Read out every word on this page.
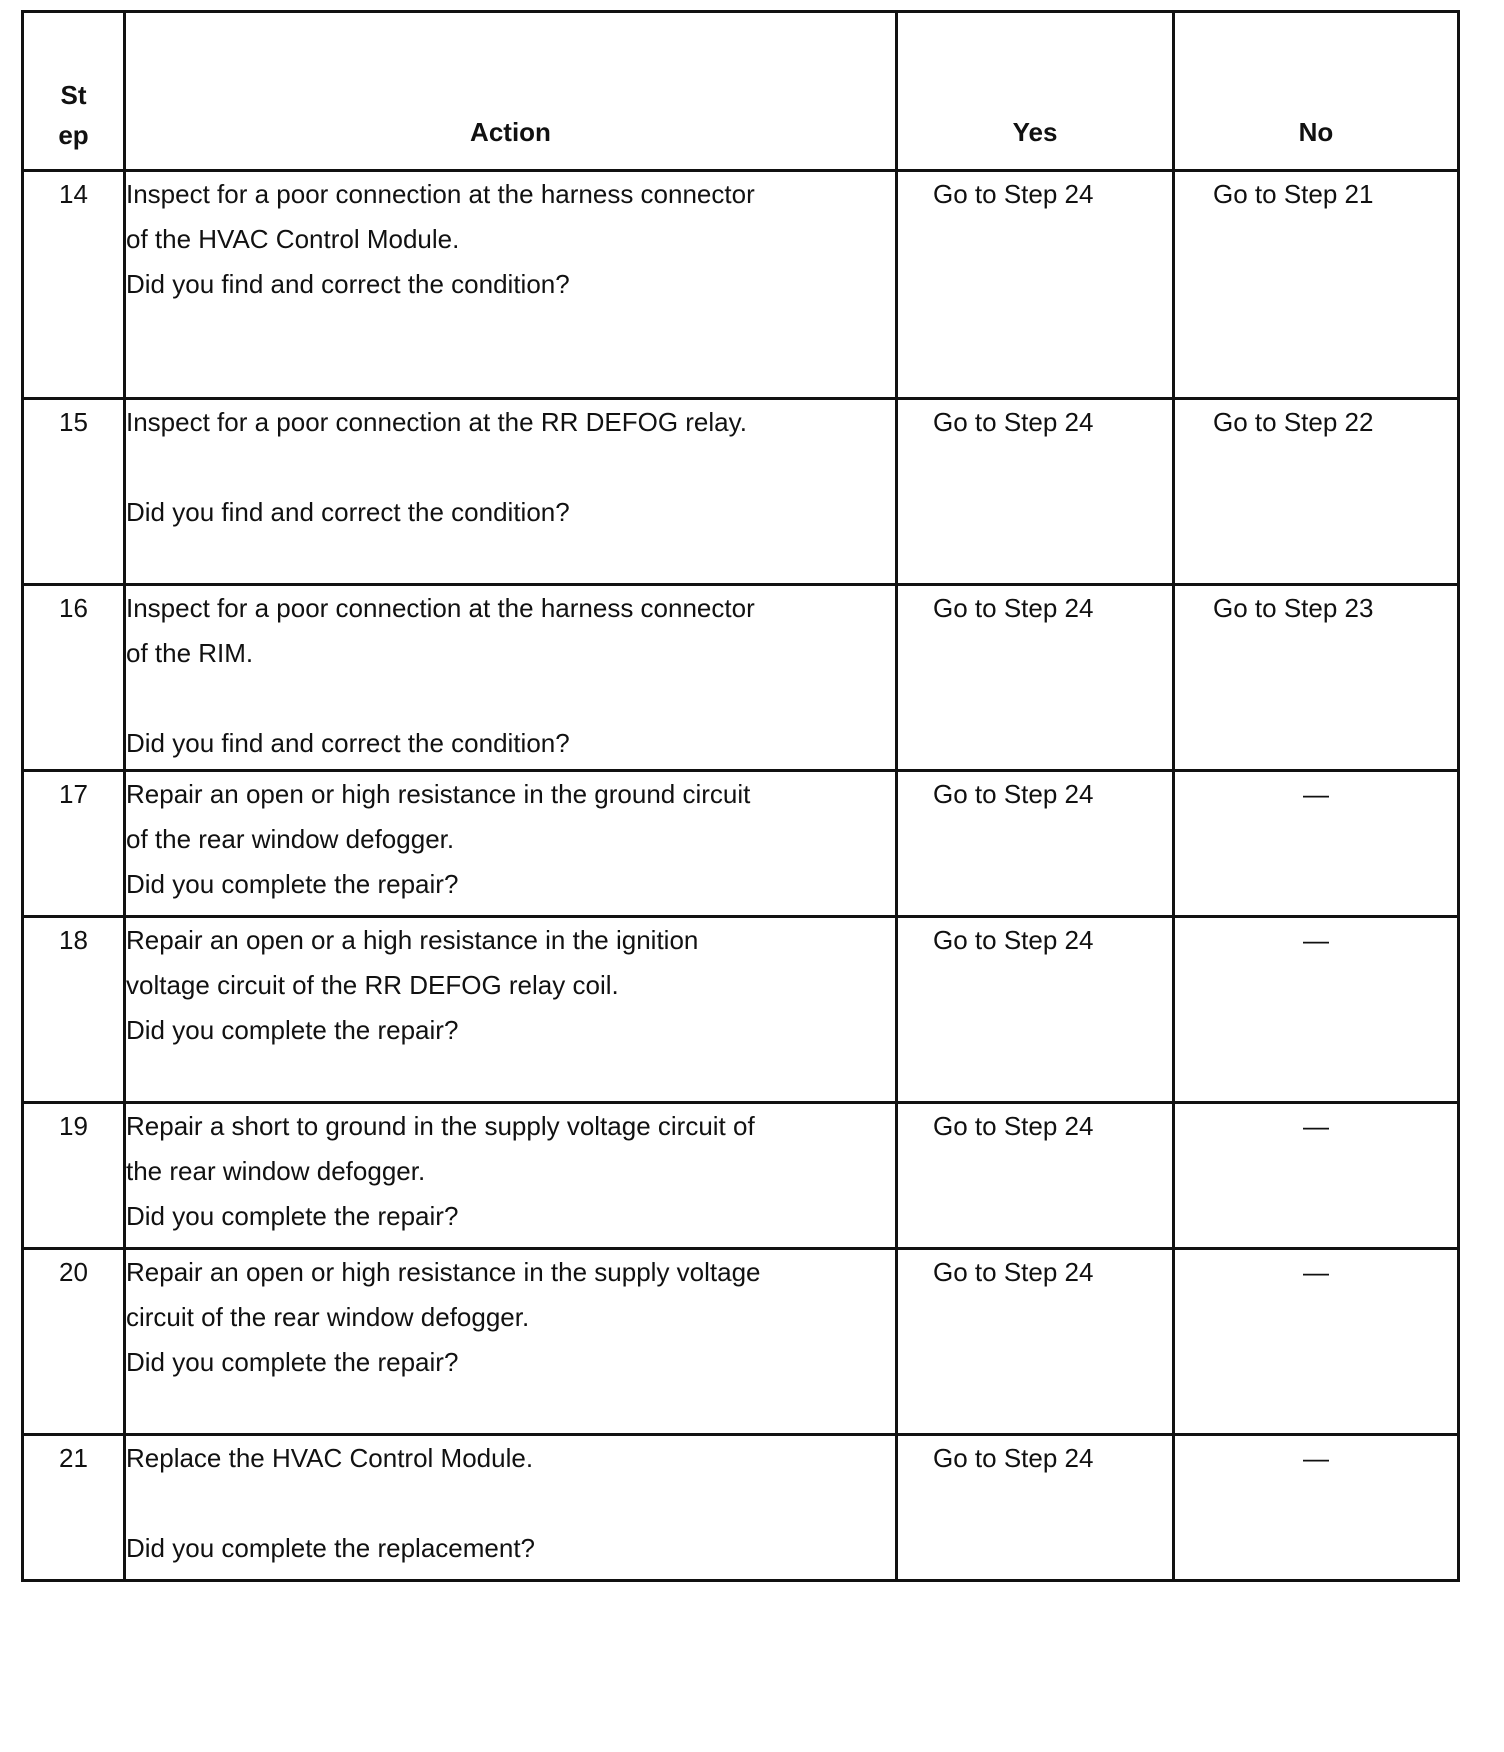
St
ep	Action	Yes	No
14	Inspect for a poor connection at the harness connector
of the HVAC Control Module.
Did you find and correct the condition?	Go to Step 24	Go to Step 21
15	Inspect for a poor connection at the RR DEFOG relay.
Did you find and correct the condition?	Go to Step 24	Go to Step 22
16	Inspect for a poor connection at the harness connector
of the RIM.
Did you find and correct the condition?	Go to Step 24	Go to Step 23
17	Repair an open or high resistance in the ground circuit
of the rear window defogger.
Did you complete the repair?	Go to Step 24	—
18	Repair an open or a high resistance in the ignition
voltage circuit of the RR DEFOG relay coil.
Did you complete the repair?	Go to Step 24	—
19	Repair a short to ground in the supply voltage circuit of
the rear window defogger.
Did you complete the repair?	Go to Step 24	—
20	Repair an open or high resistance in the supply voltage
circuit of the rear window defogger.
Did you complete the repair?	Go to Step 24	—
21	Replace the HVAC Control Module.
Did you complete the replacement?	Go to Step 24	—
